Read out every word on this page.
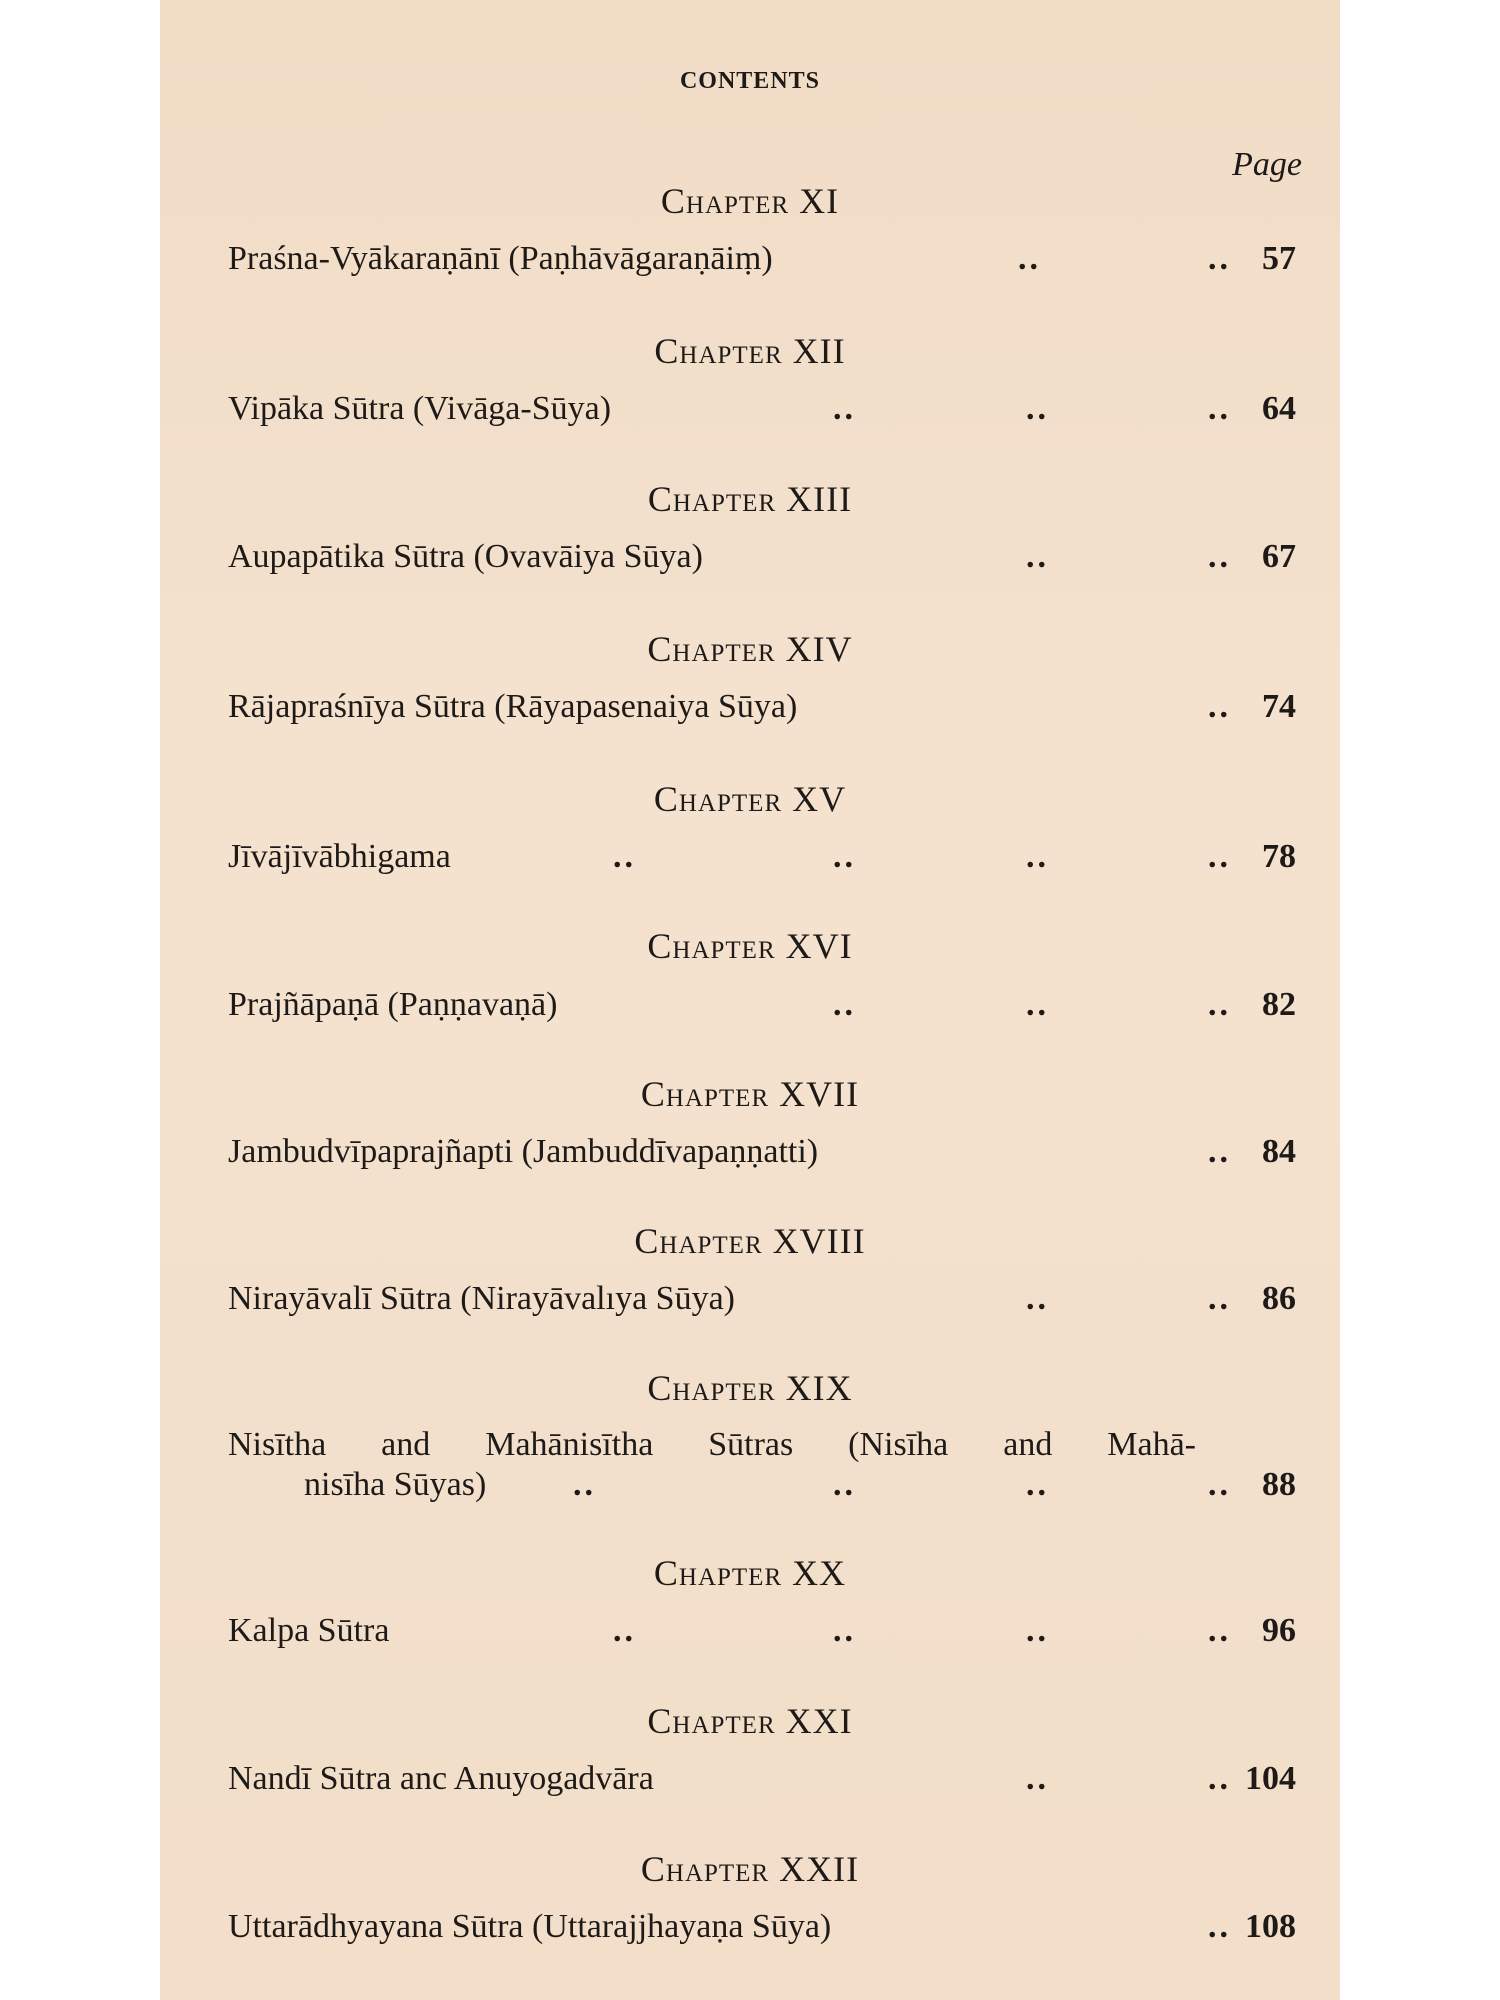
CONTENTS
Page
Chapter XI
Praśna-Vyākaraṇānī (Paṇhāvāgaraṇāiṃ)	..	.. 57
Chapter XII
Vipāka Sūtra (Vivāga-Sūya)	..	..	.. 64
Chapter XIII
Aupapātika Sūtra (Ovavāiya Sūya)	..	.. 67
Chapter XIV
Rājapraśnīya Sūtra (Rāyapasenaiya Sūya)	.. 74
Chapter XV
Jīvājīvābhigama	..	..	..	.. 78
Chapter XVI
Prajñāpaṇā (Paṇṇavaṇā)	..	..	.. 82
Chapter XVII
Jambudvīpaprajñapti (Jambuddīvapaṇṇatti)	.. 84
Chapter XVIII
Nirayāvalī Sūtra (Nirayāvalıya Sūya)	..	.. 86
Chapter XIX
Nisītha and Mahānisītha Sūtras (Nisīha and Mahā-
nisīha Sūyas)	..	..	..	.. 88
Chapter XX
Kalpa Sūtra	..	..	..	.. 96
Chapter XXI
Nandī Sūtra anc Anuyogadvāra	..	.. 104
Chapter XXII
Uttarādhyayana Sūtra (Uttarajjhayaṇa Sūya)	.. 108
